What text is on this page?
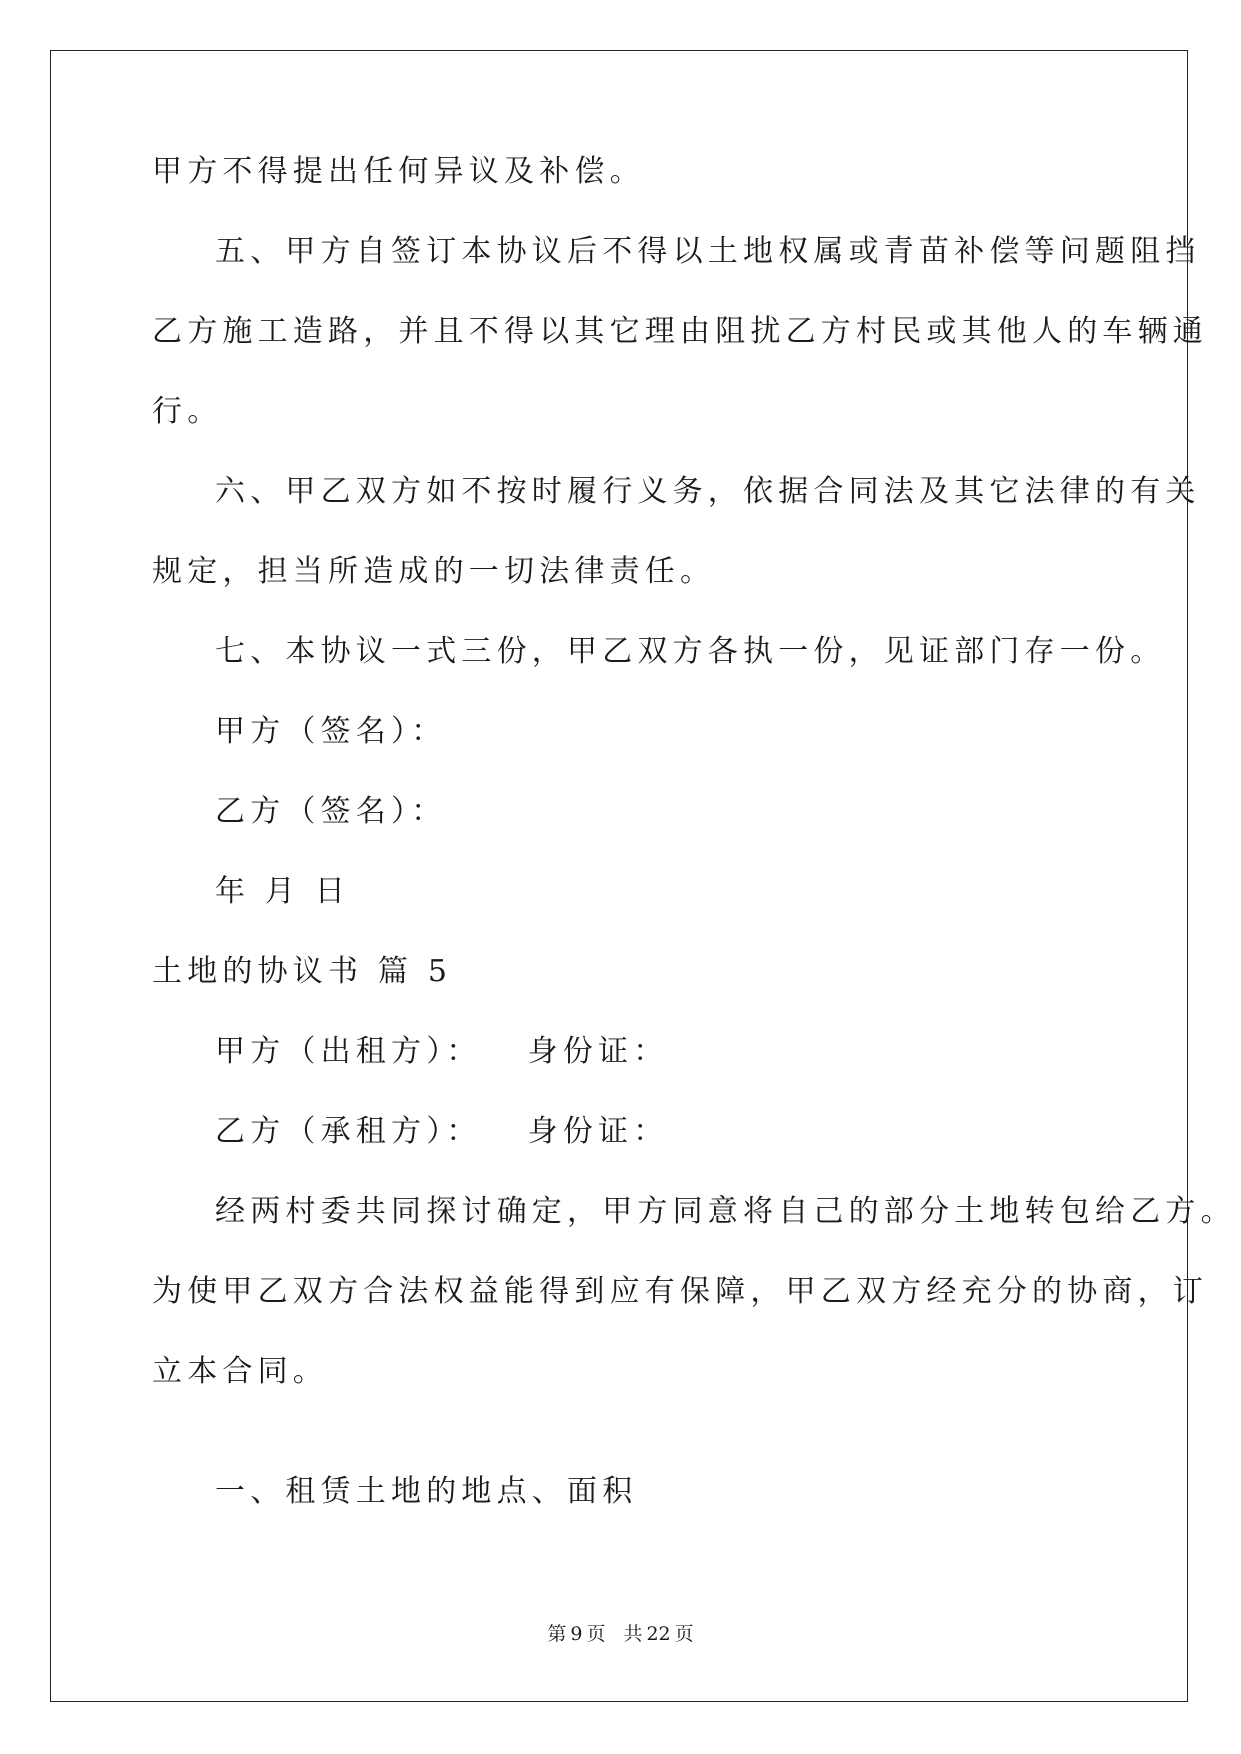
甲方不得提出任何异议及补偿。

五、甲方自签订本协议后不得以土地权属或青苗补偿等问题阻挡

乙方施工造路，并且不得以其它理由阻扰乙方村民或其他人的车辆通

行。

六、甲乙双方如不按时履行义务，依据合同法及其它法律的有关

规定，担当所造成的一切法律责任。

七、本协议一式三份，甲乙双方各执一份，见证部门存一份。

甲方（签名）：

乙方（签名）：

年 月 日

土地的协议书 篇 5

甲方（出租方）： 身份证：

乙方（承租方）： 身份证：

经两村委共同探讨确定，甲方同意将自己的部分土地转包给乙方。

为使甲乙双方合法权益能得到应有保障，甲乙双方经充分的协商，订

立本合同。

一、租赁土地的地点、面积

第 9 页 共 22 页
